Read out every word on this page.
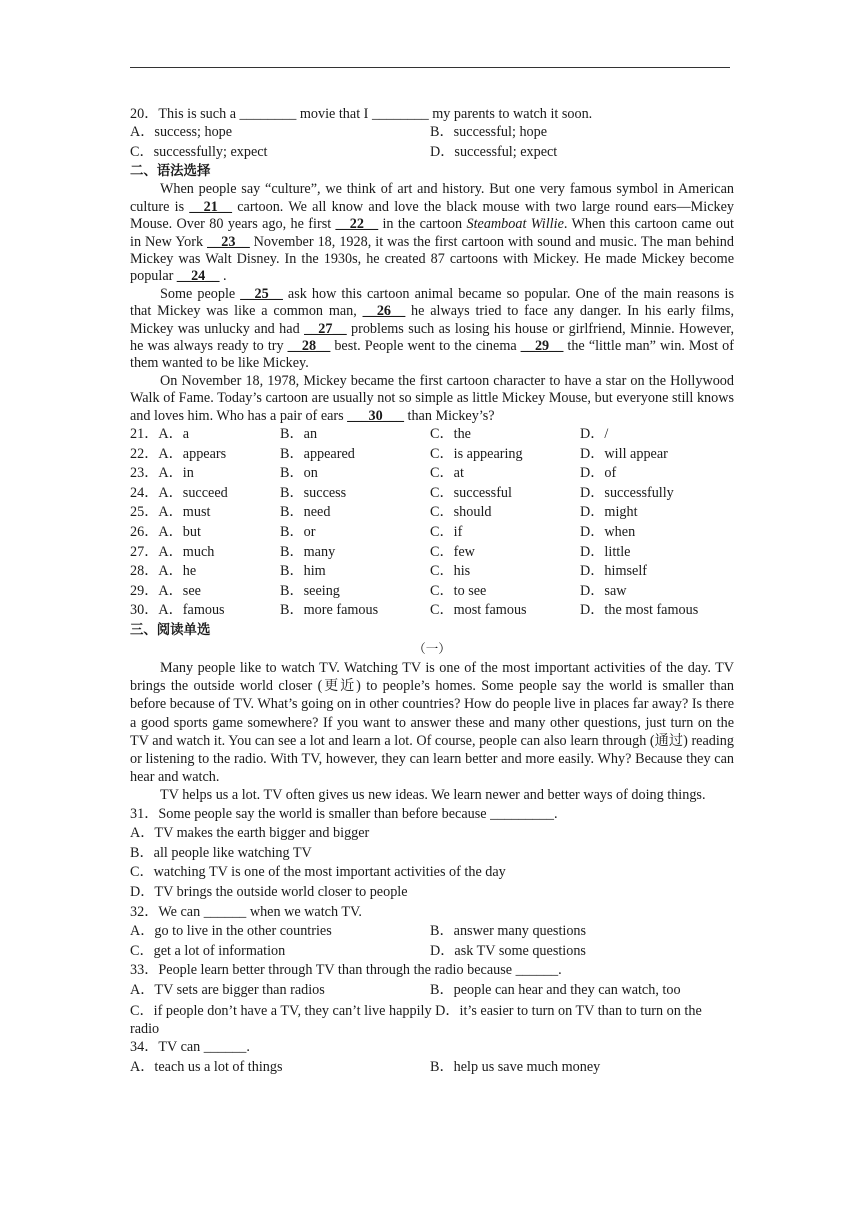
20．This is such a ________ movie that I ________ my parents to watch it soon.
A．success; hope	B．successful; hope
C．successfully; expect	D．successful; expect
二、语法选择
When people say “culture”, we think of art and history. But one very famous symbol in American culture is __21__ cartoon. We all know and love the black mouse with two large round ears—Mickey Mouse. Over 80 years ago, he first __22__ in the cartoon Steamboat Willie. When this cartoon came out in New York __23__ November 18, 1928, it was the first cartoon with sound and music. The man behind Mickey was Walt Disney. In the 1930s, he created 87 cartoons with Mickey. He made Mickey become popular __24__ .
Some people __25__ ask how this cartoon animal became so popular. One of the main reasons is that Mickey was like a common man, __26__ he always tried to face any danger. In his early films, Mickey was unlucky and had __27__ problems such as losing his house or girlfriend, Minnie. However, he was always ready to try __28__ best. People went to the cinema __29__ the “little man” win. Most of them wanted to be like Mickey.
On November 18, 1978, Mickey became the first cartoon character to have a star on the Hollywood Walk of Fame. Today’s cartoon are usually not so simple as little Mickey Mouse, but everyone still knows and loves him. Who has a pair of ears ___30___ than Mickey’s?
21．A．a	B．an	C．the	D．/
22．A．appears	B．appeared	C．is appearing	D．will appear
23．A．in	B．on	C．at	D．of
24．A．succeed	B．success	C．successful	D．successfully
25．A．must	B．need	C．should	D．might
26．A．but	B．or	C．if	D．when
27．A．much	B．many	C．few	D．little
28．A．he	B．him	C．his	D．himself
29．A．see	B．seeing	C．to see	D．saw
30．A．famous	B．more famous	C．most famous	D．the most famous
三、阅读单选
（一）
Many people like to watch TV. Watching TV is one of the most important activities of the day. TV brings the outside world closer (更近) to people’s homes. Some people say the world is smaller than before because of TV. What’s going on in other countries? How do people live in places far away? Is there a good sports game somewhere? If you want to answer these and many other questions, just turn on the TV and watch it. You can see a lot and learn a lot. Of course, people can also learn through (通过) reading or listening to the radio. With TV, however, they can learn better and more easily. Why? Because they can hear and watch.
TV helps us a lot. TV often gives us new ideas. We learn newer and better ways of doing things.
31．Some people say the world is smaller than before because _________.
A．TV makes the earth bigger and bigger
B．all people like watching TV
C．watching TV is one of the most important activities of the day
D．TV brings the outside world closer to people
32．We can ______ when we watch TV.
A．go to live in the other countries	B．answer many questions
C．get a lot of information	D．ask TV some questions
33．People learn better through TV than through the radio because ______.
A．TV sets are bigger than radios	B．people can hear and they can watch, too
C．if people don’t have a TV, they can’t live happily D．it’s easier to turn on TV than to turn on the radio
34．TV can ______.
A．teach us a lot of things	B．help us save much money
